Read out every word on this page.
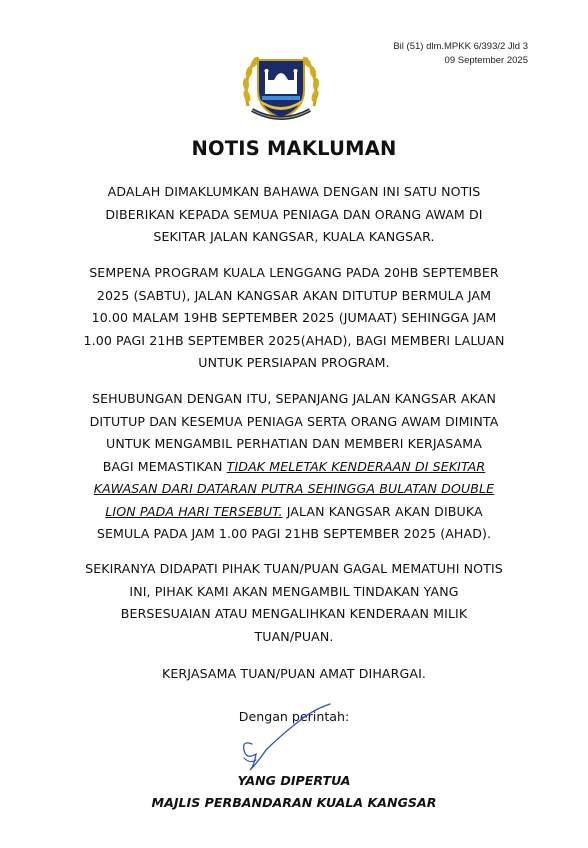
Bil (51) dlm.MPKK 6/393/2 Jld 3
09 September 2025
NOTIS MAKLUMAN

ADALAH DIMAKLUMKAN BAHAWA DENGAN INI SATU NOTIS

DIBERIKAN KEPADA SEMUA PENIAGA DAN ORANG AWAM DI

SEKITAR JALAN KANGSAR, KUALA KANGSAR.

SEMPENA PROGRAM KUALA LENGGANG PADA 20HB SEPTEMBER

2025 (SABTU), JALAN KANGSAR AKAN DITUTUP BERMULA JAM

10.00 MALAM 19HB SEPTEMBER 2025 (JUMAAT) SEHINGGA JAM

1.00 PAGI 21HB SEPTEMBER 2025(AHAD), BAGI MEMBERI LALUAN

UNTUK PERSIAPAN PROGRAM.

SEHUBUNGAN DENGAN ITU, SEPANJANG JALAN KANGSAR AKAN

DITUTUP DAN KESEMUA PENIAGA SERTA ORANG AWAM DIMINTA

UNTUK MENGAMBIL PERHATIAN DAN MEMBERI KERJASAMA

BAGI MEMASTIKAN TIDAK MELETAK KENDERAAN DI SEKITAR

KAWASAN DARI DATARAN PUTRA SEHINGGA BULATAN DOUBLE

LION PADA HARI TERSEBUT. JALAN KANGSAR AKAN DIBUKA

SEMULA PADA JAM 1.00 PAGI 21HB SEPTEMBER 2025 (AHAD).

SEKIRANYA DIDAPATI PIHAK TUAN/PUAN GAGAL MEMATUHI NOTIS

INI, PIHAK KAMI AKAN MENGAMBIL TINDAKAN YANG

BERSESUAIAN ATAU MENGALIHKAN KENDERAAN MILIK

TUAN/PUAN.

KERJASAMA TUAN/PUAN AMAT DIHARGAI.

Dengan perintah:
YANG DIPERTUA
MAJLIS PERBANDARAN KUALA KANGSAR
